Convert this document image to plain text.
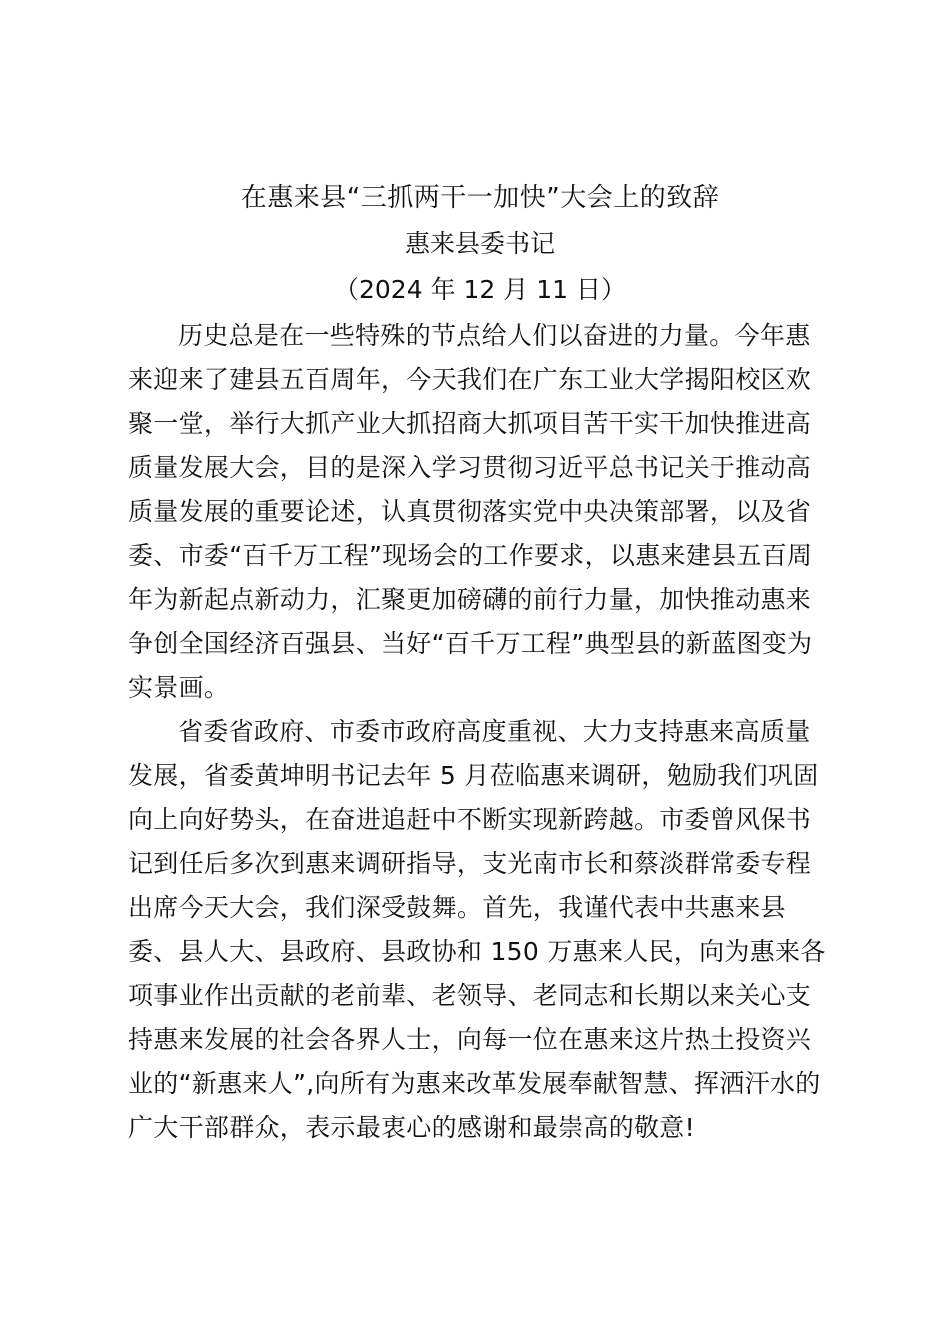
在惠来县“三抓两干一加快”大会上的致辞
惠来县委书记
（2024 年 12 月 11 日）
历史总是在一些特殊的节点给人们以奋进的力量。今年惠
来迎来了建县五百周年，今天我们在广东工业大学揭阳校区欢
聚一堂，举行大抓产业大抓招商大抓项目苦干实干加快推进高
质量发展大会，目的是深入学习贯彻习近平总书记关于推动高
质量发展的重要论述，认真贯彻落实党中央决策部署，以及省
委、市委“百千万工程”现场会的工作要求，以惠来建县五百周
年为新起点新动力，汇聚更加磅礴的前行力量，加快推动惠来
争创全国经济百强县、当好“百千万工程”典型县的新蓝图变为
实景画。
省委省政府、市委市政府高度重视、大力支持惠来高质量
发展，省委黄坤明书记去年 5 月莅临惠来调研，勉励我们巩固
向上向好势头，在奋进追赶中不断实现新跨越。市委曾风保书
记到任后多次到惠来调研指导，支光南市长和蔡淡群常委专程
出席今天大会，我们深受鼓舞。首先，我谨代表中共惠来县
委、县人大、县政府、县政协和 150 万惠来人民，向为惠来各
项事业作出贡献的老前辈、老领导、老同志和长期以来关心支
持惠来发展的社会各界人士，向每一位在惠来这片热土投资兴
业的“新惠来人”,向所有为惠来改革发展奉献智慧、挥洒汗水的
广大干部群众，表示最衷心的感谢和最崇高的敬意!
